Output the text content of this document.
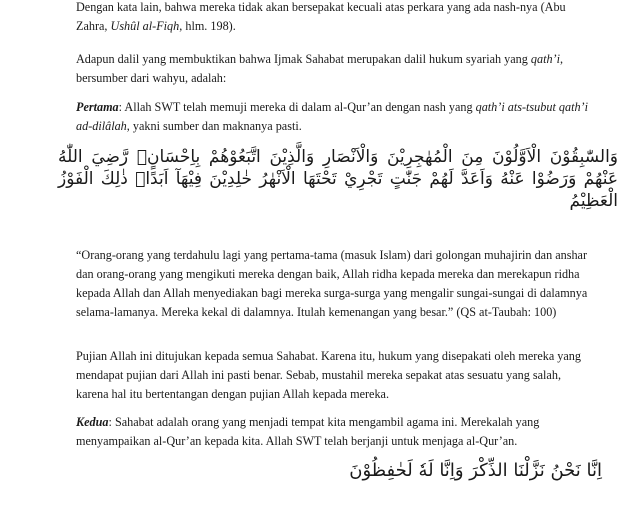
Dengan kata lain, bahwa mereka tidak akan bersepakat kecuali atas perkara yang ada nash-nya (Abu Zahra, Ushûl al-Fiqh, hlm. 198).

Adapun dalil yang membuktikan bahwa Ijmak Sahabat merupakan dalil hukum syariah yang qath’i, bersumber dari wahyu, adalah:

Pertama: Allah SWT telah memuji mereka di dalam al-Qur’an dengan nash yang qath’i ats-tsubut qath’i ad-dilâlah, yakni sumber dan maknanya pasti.

وَالسّٰبِقُوْنَ الْاَوَّلُوْنَ مِنَ الْمُهٰجِرِيْنَ وَالْاَنْصَارِ وَالَّذِيْنَ اتَّبَعُوْهُمْ بِاِحْسَانٍۙ رَّضِيَ اللّٰهُ عَنْهُمْ وَرَضُوْا عَنْهُ وَاَعَدَّ لَهُمْ جَنّٰتٍ تَجْرِيْ تَحْتَهَا الْاَنْهٰرُ خٰلِدِيْنَ فِيْهَآ اَبَدًاۗ ذٰلِكَ الْفَوْزُ الْعَظِيْمُ

“Orang-orang yang terdahulu lagi yang pertama-tama (masuk Islam) dari golongan muhajirin dan anshar dan orang-orang yang mengikuti mereka dengan baik, Allah ridha kepada mereka dan merekapun ridha kepada Allah dan Allah menyediakan bagi mereka surga-surga yang mengalir sungai-sungai di dalamnya selama-lamanya. Mereka kekal di dalamnya. Itulah kemenangan yang besar.” (QS at-Taubah: 100)

Pujian Allah ini ditujukan kepada semua Sahabat. Karena itu, hukum yang disepakati oleh mereka yang mendapat pujian dari Allah ini pasti benar. Sebab, mustahil mereka sepakat atas sesuatu yang salah, karena hal itu bertentangan dengan pujian Allah kepada mereka.

Kedua: Sahabat adalah orang yang menjadi tempat kita mengambil agama ini. Merekalah yang menyampaikan al-Qur’an kepada kita. Allah SWT telah berjanji untuk menjaga al-Qur’an.

اِنَّا نَحْنُ نَزَّلْنَا الذِّكْرَ وَاِنَّا لَهٗ لَحٰفِظُوْنَ
